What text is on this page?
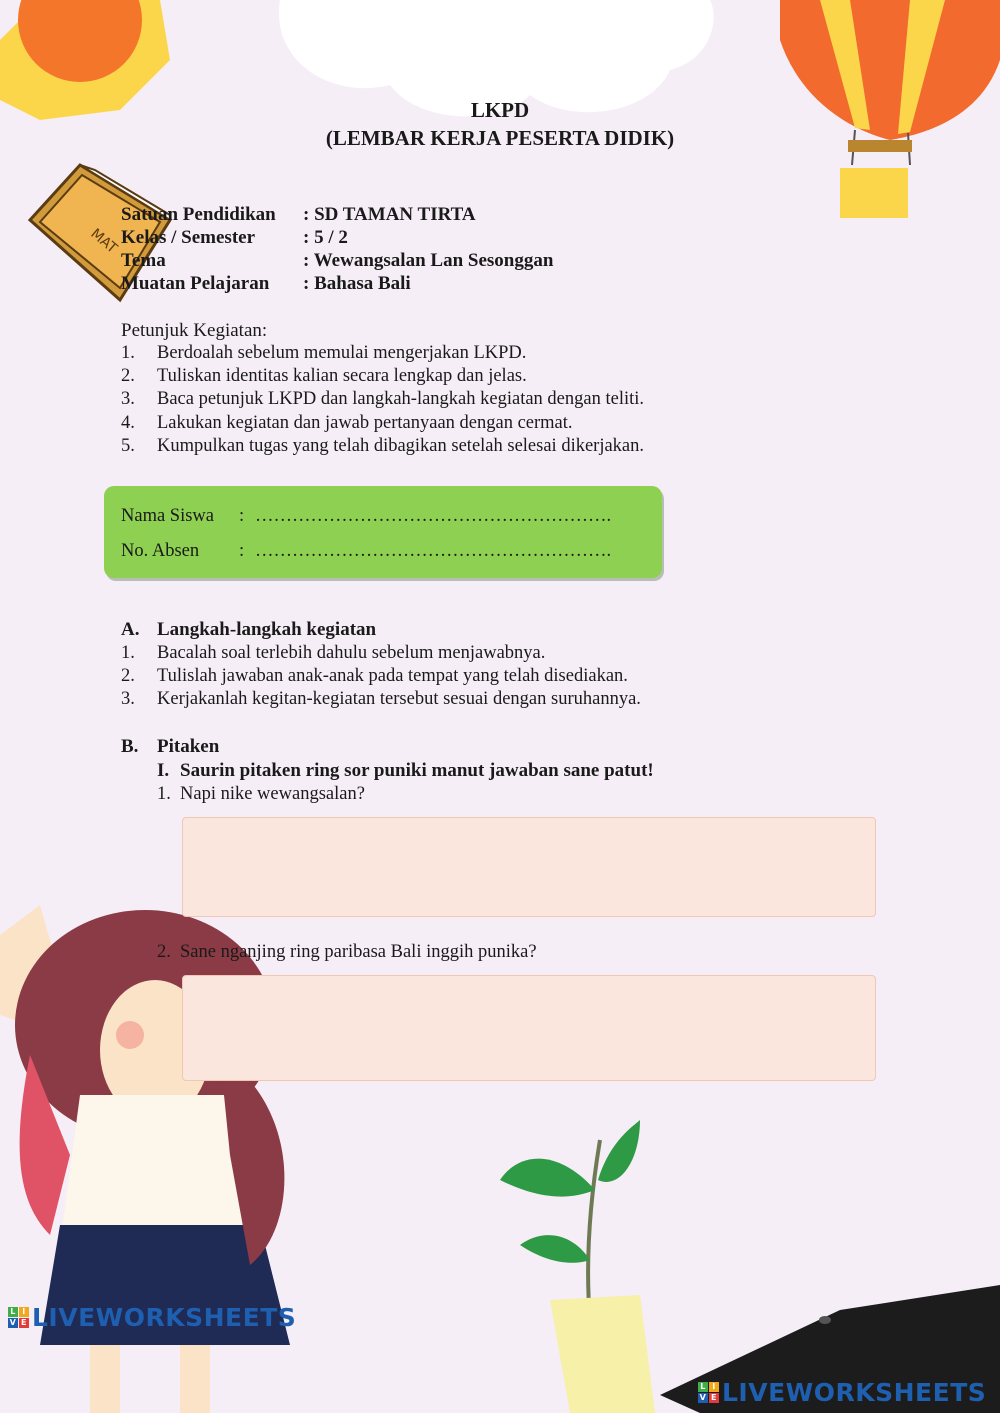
MAT
LKPD
(LEMBAR KERJA PESERTA DIDIK)
Satuan Pendidikan	: SD TAMAN TIRTA
Kelas / Semester	: 5 / 2
Tema	: Wewangsalan Lan Sesonggan
Muatan Pelajaran	: Bahasa Bali
Petunjuk Kegiatan:
1.	Berdoalah sebelum memulai mengerjakan LKPD.
2.	Tuliskan identitas kalian secara lengkap dan jelas.
3.	Baca petunjuk LKPD dan langkah-langkah kegiatan dengan teliti.
4.	Lakukan kegiatan dan jawab pertanyaan dengan cermat.
5.	Kumpulkan tugas yang telah dibagikan setelah selesai dikerjakan.
Nama Siswa	: ………………………………………………….
No. Absen	: ………………………………………………….
A. Langkah-langkah kegiatan
1.	Bacalah soal terlebih dahulu sebelum menjawabnya.
2.	Tulislah jawaban anak-anak pada tempat yang telah disediakan.
3.	Kerjakanlah kegitan-kegiatan tersebut sesuai dengan suruhannya.
B. Pitaken
I. Saurin pitaken ring sor puniki manut jawaban sane patut!
1. Napi nike wewangsalan?
2. Sane nganjing ring paribasa Bali inggih punika?
L I
V E LIVEWORKSHEETS
L I
V E LIVEWORKSHEETS
